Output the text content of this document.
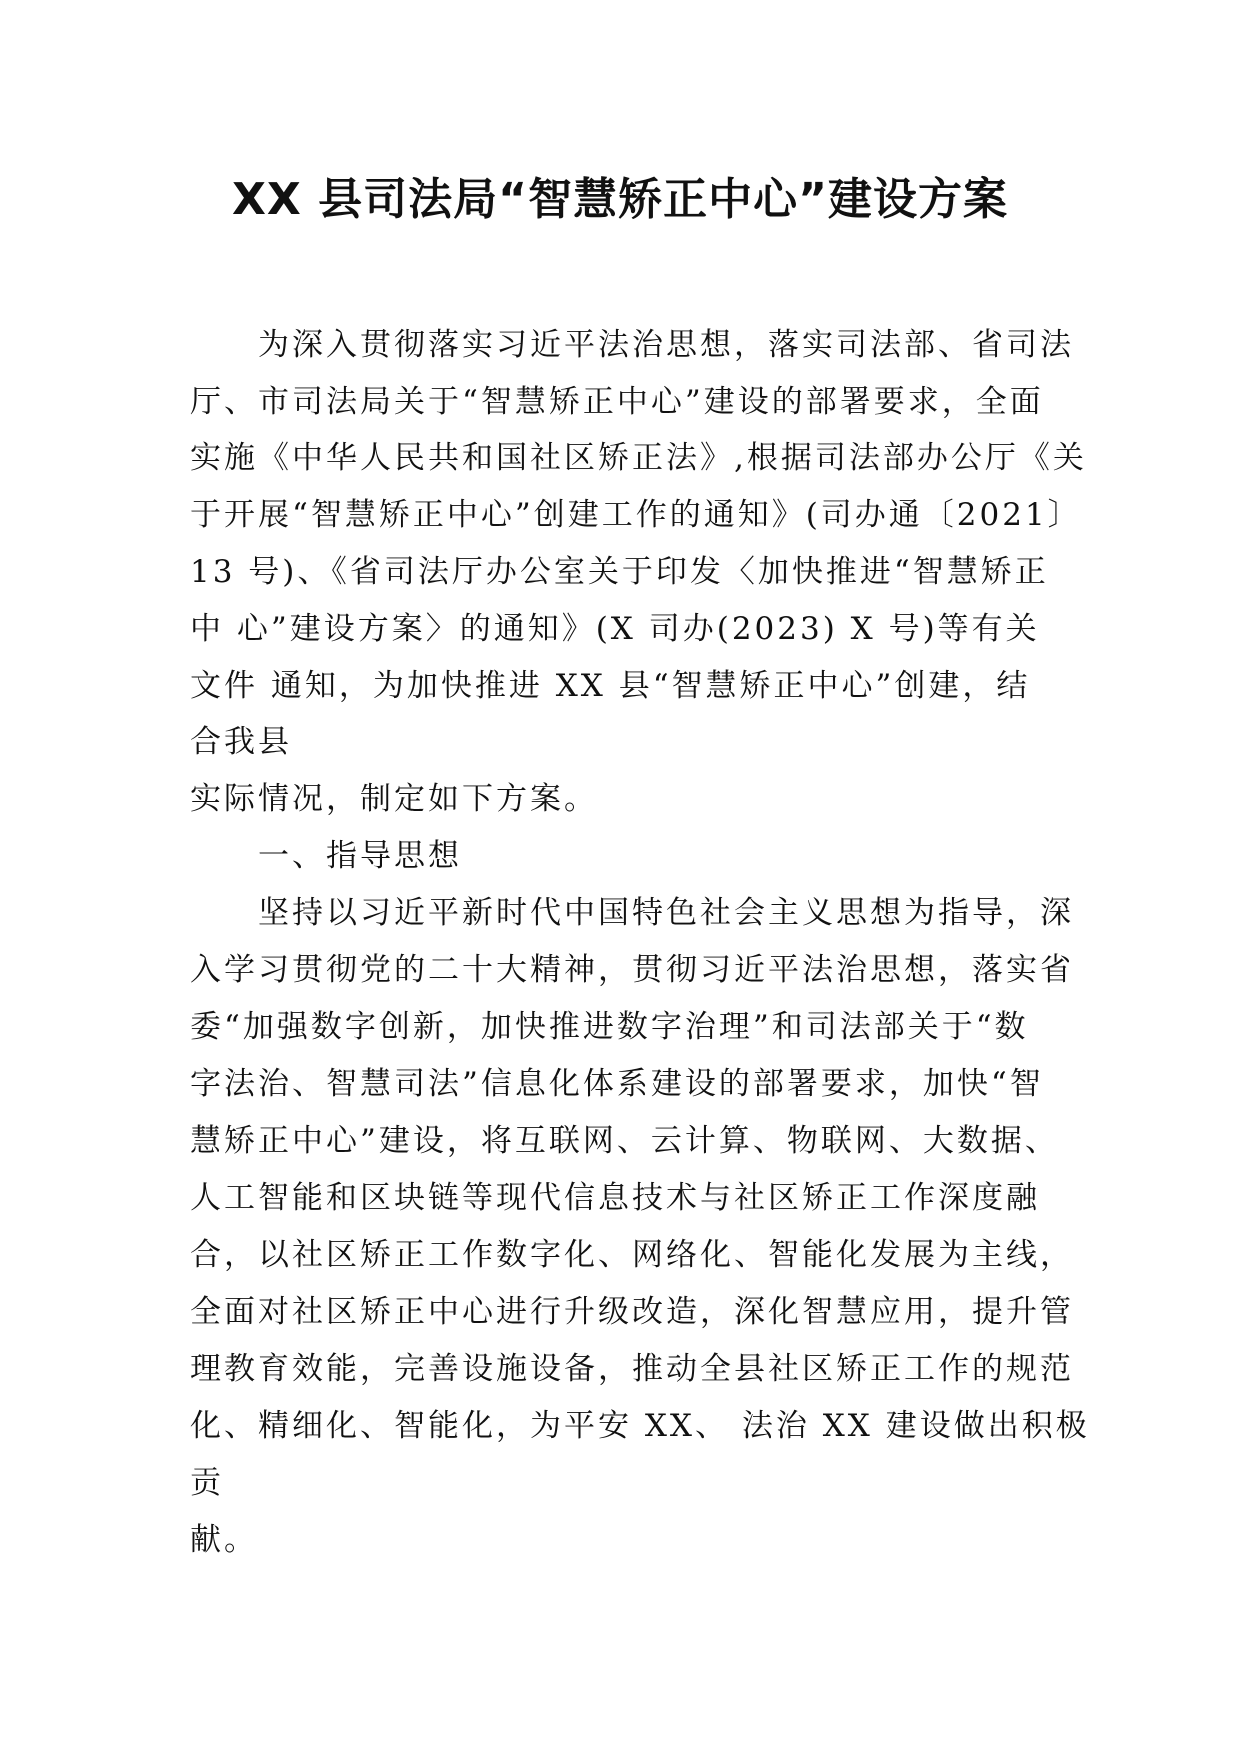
XX 县司法局“智慧矫正中心”建设方案
　　为深入贯彻落实习近平法治思想，落实司法部、省司法
厅、市司法局关于“智慧矫正中心”建设的部署要求，全面
实施《中华人民共和国社区矫正法》,根据司法部办公厅《关
于开展“智慧矫正中心”创建工作的通知》(司办通〔2021〕
13 号)、《省司法厅办公室关于印发〈加快推进“智慧矫正
中 心”建设方案〉的通知》(X 司办(2023) X 号)等有关
文件 通知，为加快推进 XX 县“智慧矫正中心”创建，结
合我县
实际情况，制定如下方案。
　　一、指导思想
　　坚持以习近平新时代中国特色社会主义思想为指导，深
入学习贯彻党的二十大精神，贯彻习近平法治思想，落实省
委“加强数字创新，加快推进数字治理”和司法部关于“数
字法治、智慧司法”信息化体系建设的部署要求，加快“智
慧矫正中心”建设，将互联网、云计算、物联网、大数据、
人工智能和区块链等现代信息技术与社区矫正工作深度融
合，以社区矫正工作数字化、网络化、智能化发展为主线，
全面对社区矫正中心进行升级改造，深化智慧应用，提升管
理教育效能，完善设施设备，推动全县社区矫正工作的规范
化、精细化、智能化，为平安 XX、 法治 XX 建设做出积极
贡
献。
